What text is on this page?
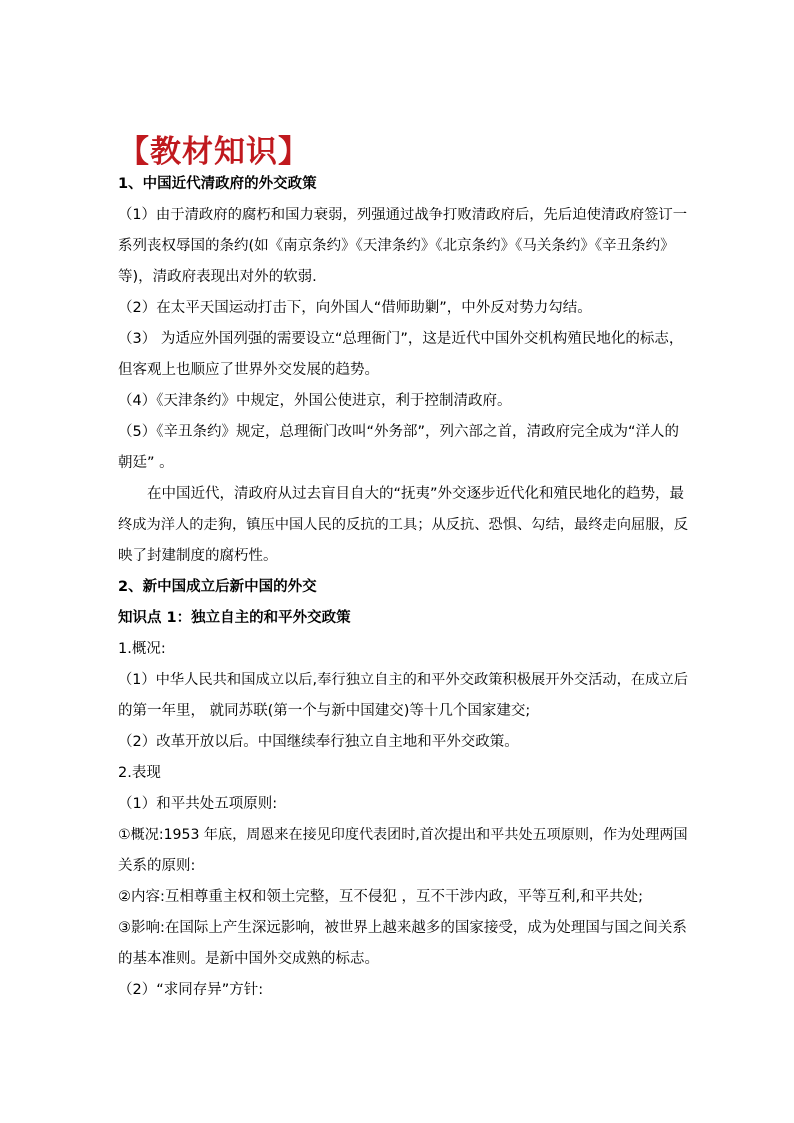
【教材知识】
1、中国近代清政府的外交政策
（1）由于清政府的腐朽和国力衰弱，列强通过战争打败清政府后，先后迫使清政府签订一
系列丧权辱国的条约(如《南京条约》《天津条约》《北京条约》《马关条约》《辛丑条约》
等)，清政府表现出对外的软弱.
（2）在太平天国运动打击下，向外国人“借师助剿”，中外反对势力勾结。
（3） 为适应外国列强的需要设立“总理衙门”，这是近代中国外交机构殖民地化的标志，
但客观上也顺应了世界外交发展的趋势。
（4）《天津条约》中规定，外国公使进京，利于控制清政府。
（5）《辛丑条约》规定，总理衙门改叫“外务部”，列六部之首，清政府完全成为“洋人的
朝廷” 。
在中国近代，清政府从过去盲目自大的“抚夷”外交逐步近代化和殖民地化的趋势，最
终成为洋人的走狗，镇压中国人民的反抗的工具；从反抗、恐惧、勾结，最终走向屈服，反
映了封建制度的腐朽性。
2、新中国成立后新中国的外交
知识点 1：独立自主的和平外交政策
1.概况:
（1）中华人民共和国成立以后,奉行独立自主的和平外交政策积极展开外交活动，在成立后
的第一年里， 就同苏联(第一个与新中国建交)等十几个国家建交;
（2）改革开放以后。中国继续奉行独立自主地和平外交政策。
2.表现
（1）和平共处五项原则:
①概况:1953 年底，周恩来在接见印度代表团时,首次提出和平共处五项原则，作为处理两国
关系的原则:
②内容:互相尊重主权和领土完整，互不侵犯 ，互不干涉内政，平等互利,和平共处;
③影响:在国际上产生深远影响，被世界上越来越多的国家接受，成为处理国与国之间关系
的基本准则。是新中国外交成熟的标志。
（2）“求同存异”方针:
